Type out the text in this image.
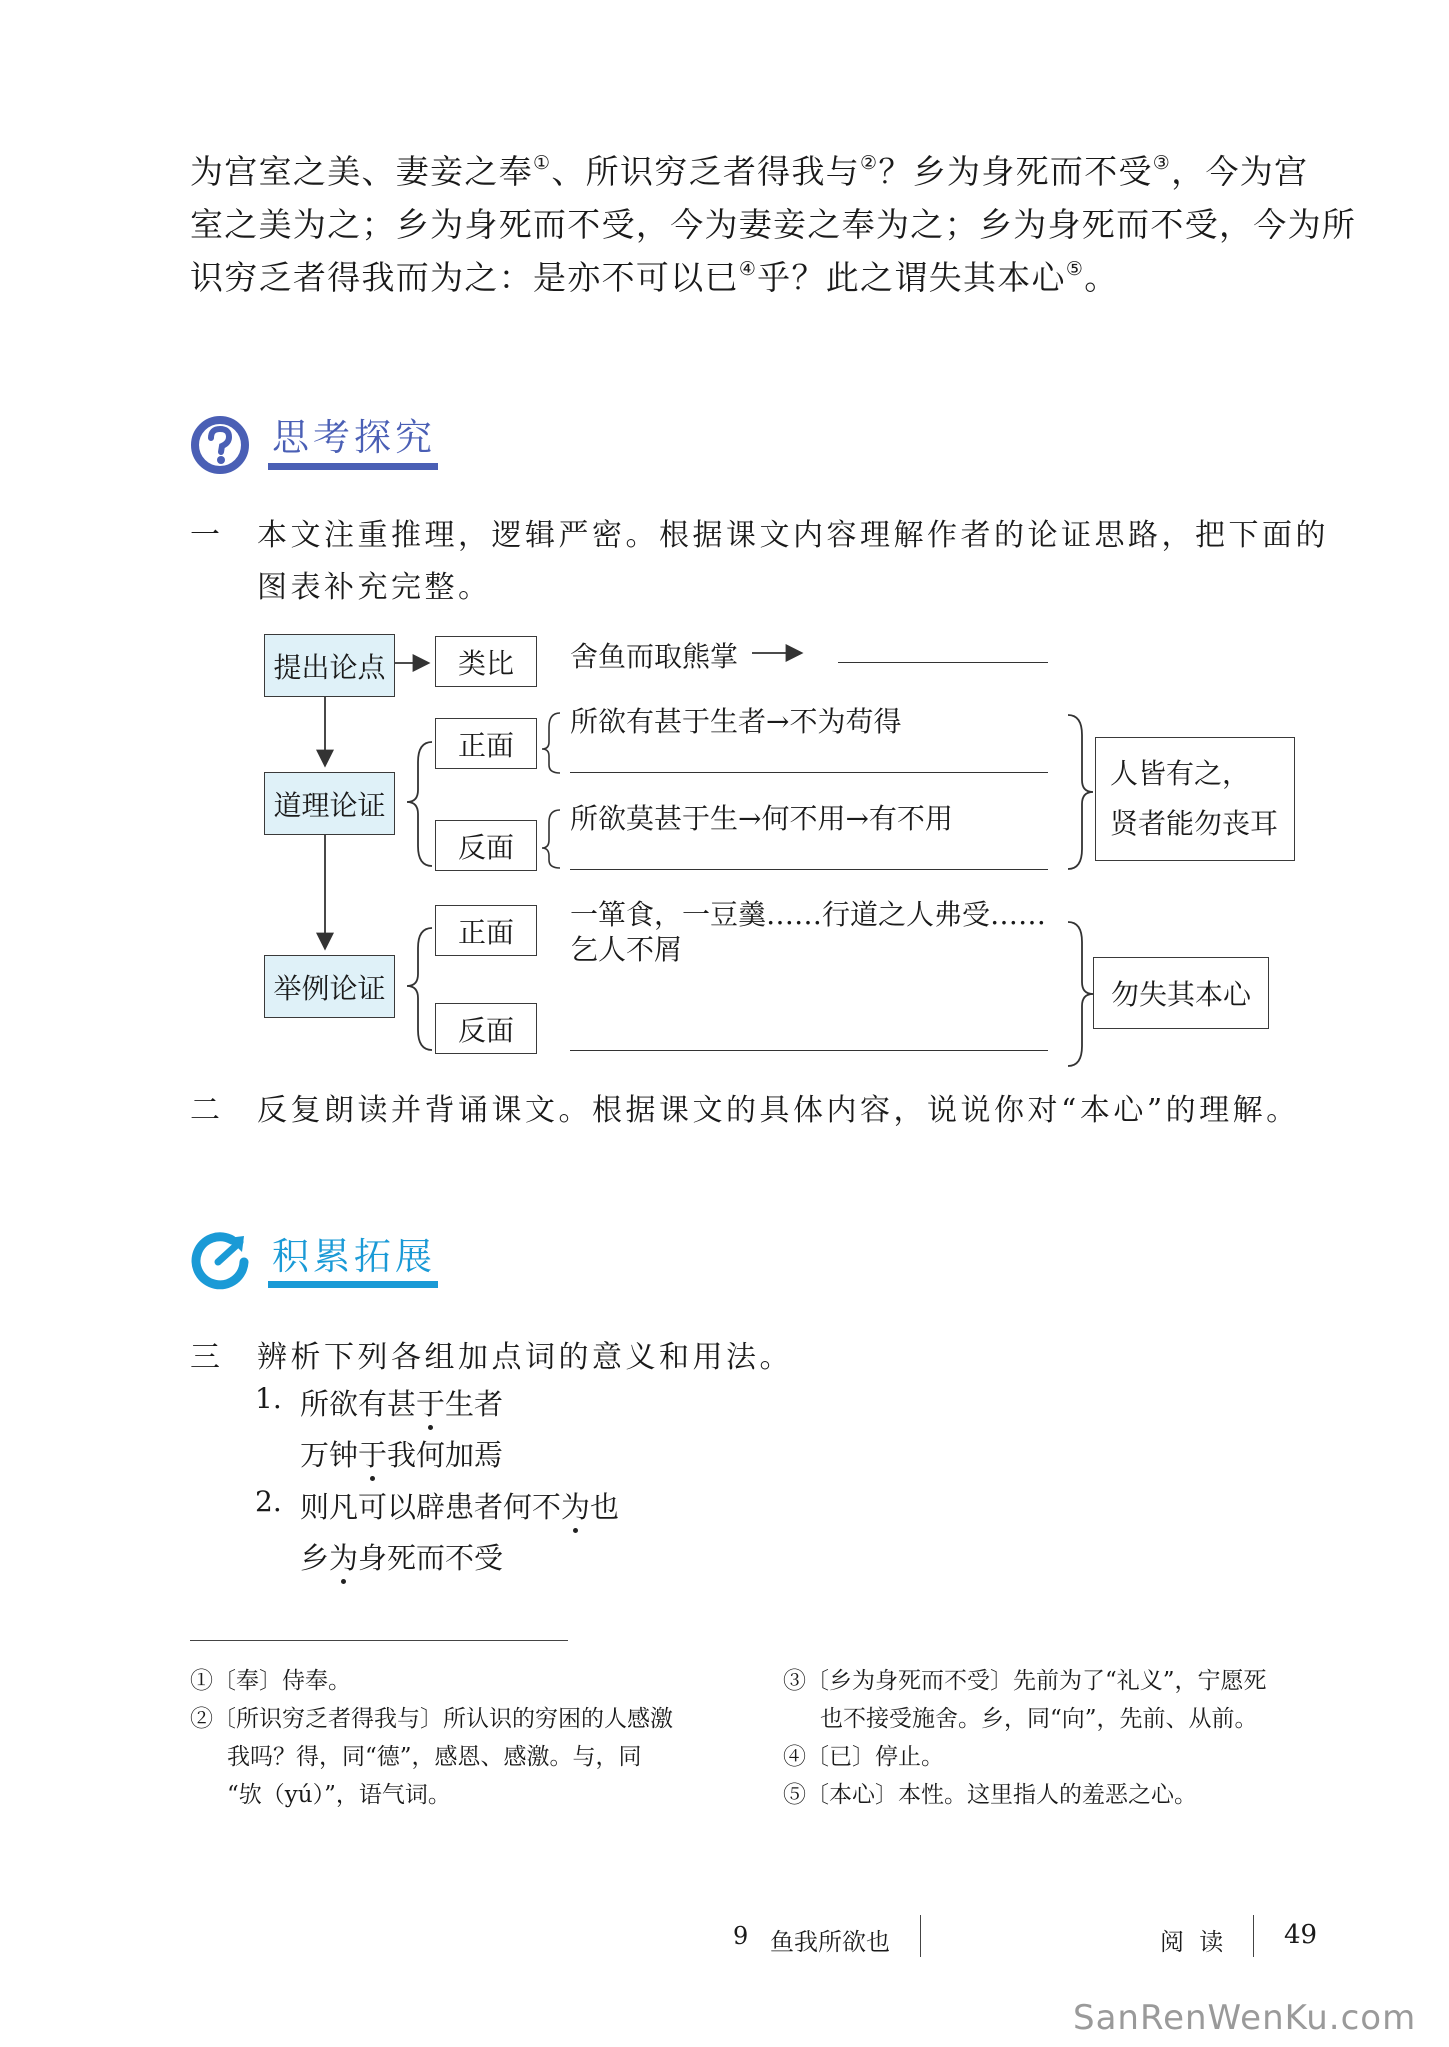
为宫室之美、妻妾之奉①、所识穷乏者得我与②？乡为身死而不受③，今为宫
室之美为之；乡为身死而不受，今为妻妾之奉为之；乡为身死而不受，今为所
识穷乏者得我而为之：是亦不可以已④乎？此之谓失其本心⑤。
思考探究
一 本文注重推理，逻辑严密。根据课文内容理解作者的论证思路，把下面的
图表补充完整。
提出论点
道理论证
举例论证
类比	舍鱼而取熊掌
正面
所欲有甚于生者→不为苟得
反面
所欲莫甚于生→何不用→有不用
人皆有之，
贤者能勿丧耳
正面
一箪食，一豆羹……行道之人弗受……
乞人不屑
反面
勿失其本心
二 反复朗读并背诵课文。根据课文的具体内容，说说你对“本心”的理解。
积累拓展
三 辨析下列各组加点词的意义和用法。
1. 所欲有甚于生者
万钟于我何加焉
2. 则凡可以辟患者何不为也
乡为身死而不受
①〔奉〕侍奉。
②〔所识穷乏者得我与〕所认识的穷困的人感激
我吗？得，同“德”，感恩、感激。与，同
“欤（yú）”，语气词。
③〔乡为身死而不受〕先前为了“礼义”，宁愿死
也不接受施舍。乡，同“向”，先前、从前。
④〔已〕停止。
⑤〔本心〕本性。这里指人的羞恶之心。
9 鱼我所欲也	阅  读 49
SanRenWenKu.com
